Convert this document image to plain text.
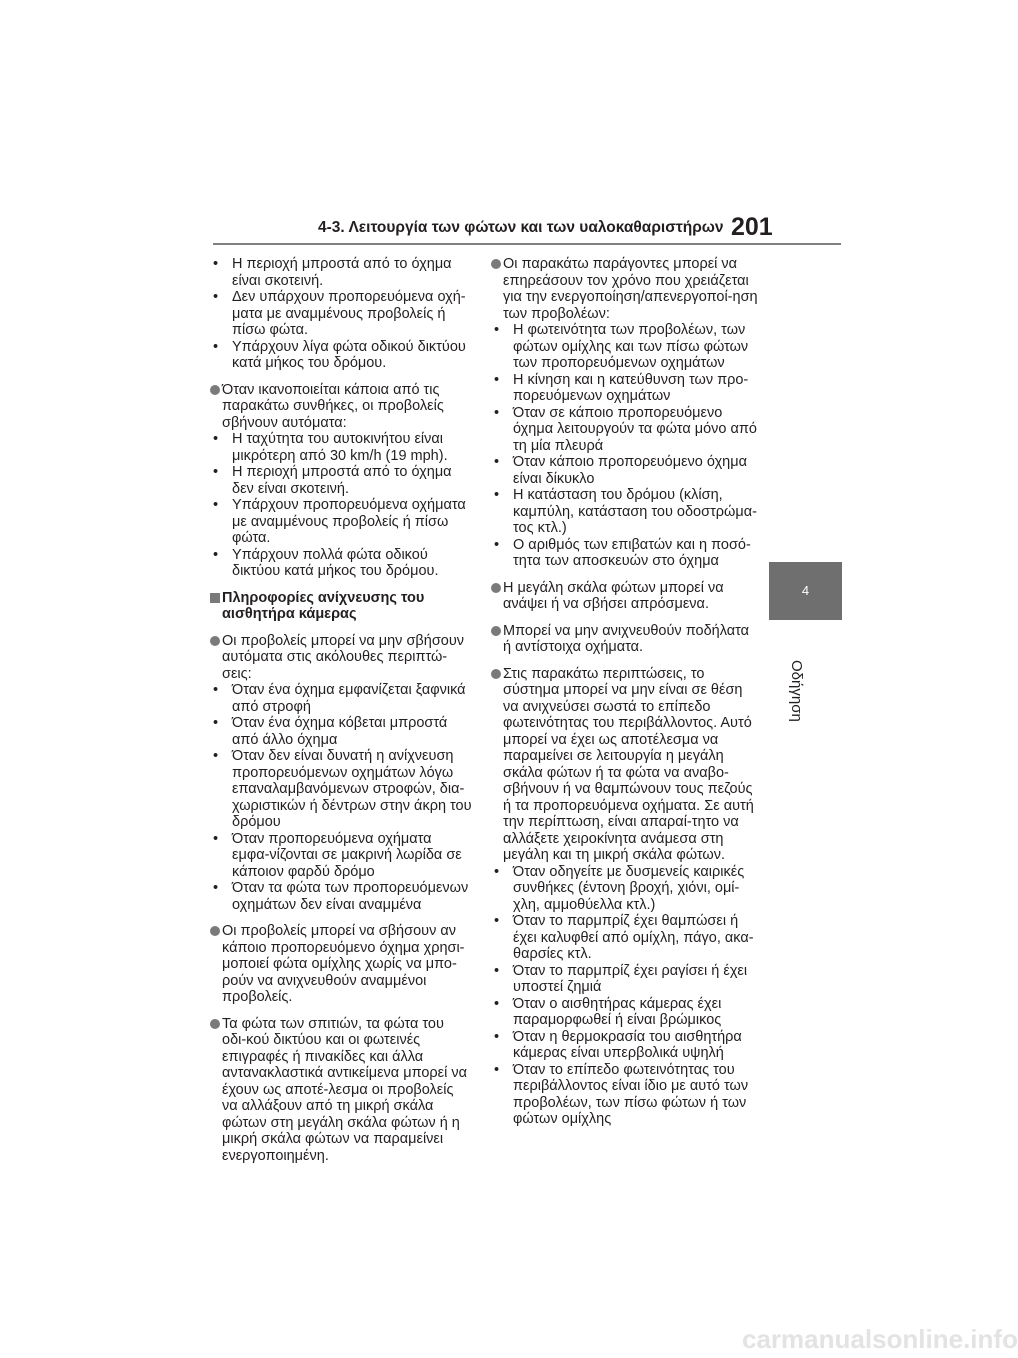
4-3. Λειτουργία των φώτων και των υαλοκαθαριστήρων 201
4
Οδήγηση
• Η περιοχή μπροστά από το όχημα είναι σκοτεινή.
• Δεν υπάρχουν προπορευόμενα οχή-ματα με αναμμένους προβολείς ή πίσω φώτα.
• Υπάρχουν λίγα φώτα οδικού δικτύου κατά μήκος του δρόμου.
Όταν ικανοποιείται κάποια από τις παρακάτω συνθήκες, οι προβολείς σβήνουν αυτόματα:
• Η ταχύτητα του αυτοκινήτου είναι μικρότερη από 30 km/h (19 mph).
• Η περιοχή μπροστά από το όχημα δεν είναι σκοτεινή.
• Υπάρχουν προπορευόμενα οχήματα με αναμμένους προβολείς ή πίσω φώτα.
• Υπάρχουν πολλά φώτα οδικού δικτύου κατά μήκος του δρόμου.
Πληροφορίες ανίχνευσης του αισθητήρα κάμερας
Οι προβολείς μπορεί να μην σβήσουν αυτόματα στις ακόλουθες περιπτώ-σεις:
• Όταν ένα όχημα εμφανίζεται ξαφνικά από στροφή
• Όταν ένα όχημα κόβεται μπροστά από άλλο όχημα
• Όταν δεν είναι δυνατή η ανίχνευση προπορευόμενων οχημάτων λόγω επαναλαμβανόμενων στροφών, δια-χωριστικών ή δέντρων στην άκρη του δρόμου
• Όταν προπορευόμενα οχήματα εμφα-νίζονται σε μακρινή λωρίδα σε κάποιον φαρδύ δρόμο
• Όταν τα φώτα των προπορευόμενων οχημάτων δεν είναι αναμμένα
Οι προβολείς μπορεί να σβήσουν αν κάποιο προπορευόμενο όχημα χρησι-μοποιεί φώτα ομίχλης χωρίς να μπο-ρούν να ανιχνευθούν αναμμένοι προβολείς.
Τα φώτα των σπιτιών, τα φώτα του οδι-κού δικτύου και οι φωτεινές επιγραφές ή πινακίδες και άλλα αντανακλαστικά αντικείμενα μπορεί να έχουν ως αποτέ-λεσμα οι προβολείς να αλλάξουν από τη μικρή σκάλα φώτων στη μεγάλη σκάλα φώτων ή η μικρή σκάλα φώτων να παραμείνει ενεργοποιημένη.
Οι παρακάτω παράγοντες μπορεί να επηρεάσουν τον χρόνο που χρειάζεται για την ενεργοποίηση/απενεργοποί-ηση των προβολέων:
• Η φωτεινότητα των προβολέων, των φώτων ομίχλης και των πίσω φώτων των προπορευόμενων οχημάτων
• Η κίνηση και η κατεύθυνση των προ-πορευόμενων οχημάτων
• Όταν σε κάποιο προπορευόμενο όχημα λειτουργούν τα φώτα μόνο από τη μία πλευρά
• Όταν κάποιο προπορευόμενο όχημα είναι δίκυκλο
• Η κατάσταση του δρόμου (κλίση, καμπύλη, κατάσταση του οδοστρώμα-τος κτλ.)
• Ο αριθμός των επιβατών και η ποσό-τητα των αποσκευών στο όχημα
Η μεγάλη σκάλα φώτων μπορεί να ανάψει ή να σβήσει απρόσμενα.
Μπορεί να μην ανιχνευθούν ποδήλατα ή αντίστοιχα οχήματα.
Στις παρακάτω περιπτώσεις, το σύστημα μπορεί να μην είναι σε θέση να ανιχνεύσει σωστά το επίπεδο φωτεινότητας του περιβάλλοντος. Αυτό μπορεί να έχει ως αποτέλεσμα να παραμείνει σε λειτουργία η μεγάλη σκάλα φώτων ή τα φώτα να αναβο-σβήνουν ή να θαμπώνουν τους πεζούς ή τα προπορευόμενα οχήματα. Σε αυτή την περίπτωση, είναι απαραί-τητο να αλλάξετε χειροκίνητα ανάμεσα στη μεγάλη και τη μικρή σκάλα φώτων.
• Όταν οδηγείτε με δυσμενείς καιρικές συνθήκες (έντονη βροχή, χιόνι, ομί-χλη, αμμοθύελλα κτλ.)
• Όταν το παρμπρίζ έχει θαμπώσει ή έχει καλυφθεί από ομίχλη, πάγο, ακα-θαρσίες κτλ.
• Όταν το παρμπρίζ έχει ραγίσει ή έχει υποστεί ζημιά
• Όταν ο αισθητήρας κάμερας έχει παραμορφωθεί ή είναι βρώμικος
• Όταν η θερμοκρασία του αισθητήρα κάμερας είναι υπερβολικά υψηλή
• Όταν το επίπεδο φωτεινότητας του περιβάλλοντος είναι ίδιο με αυτό των προβολέων, των πίσω φώτων ή των φώτων ομίχλης
carmanualsonline.info
